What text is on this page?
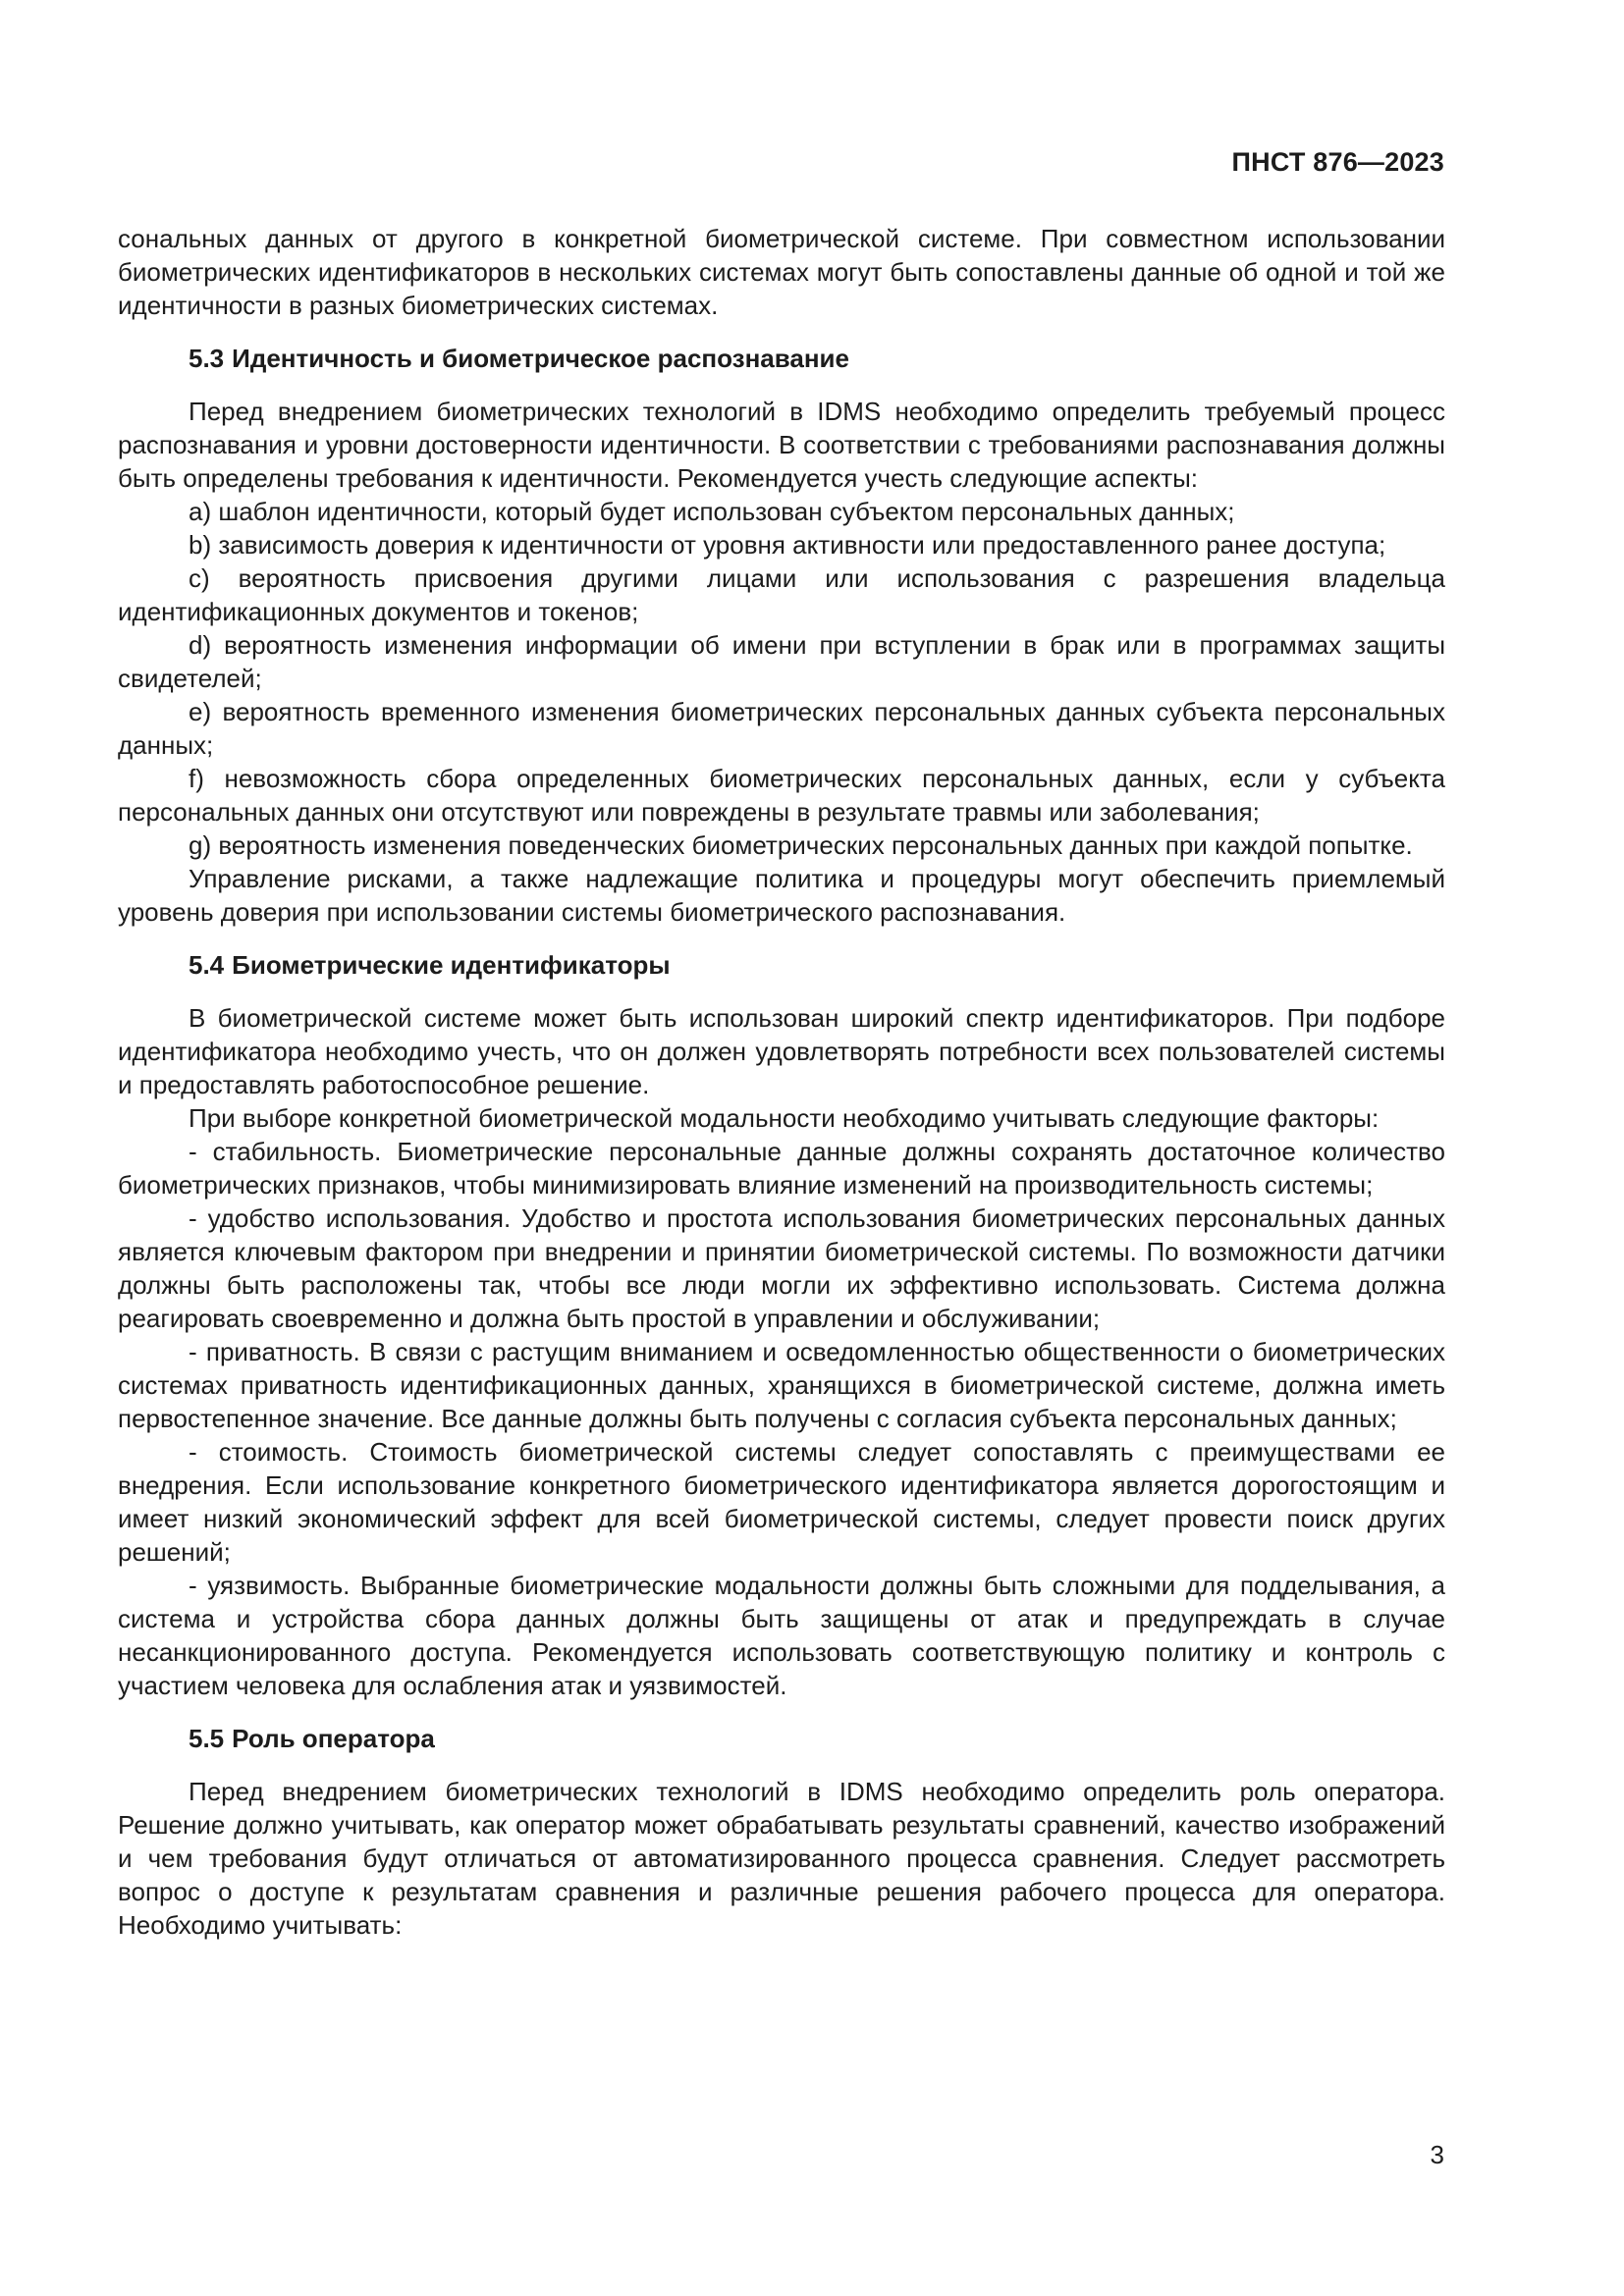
ПНСТ 876—2023

сональных данных от другого в конкретной биометрической системе. При совместном использовании биометрических идентификаторов в нескольких системах могут быть сопоставлены данные об одной и той же идентичности в разных биометрических системах.

5.3 Идентичность и биометрическое распознавание

Перед внедрением биометрических технологий в IDMS необходимо определить требуемый процесс распознавания и уровни достоверности идентичности. В соответствии с требованиями распознавания должны быть определены требования к идентичности. Рекомендуется учесть следующие аспекты:

a) шаблон идентичности, который будет использован субъектом персональных данных;

b) зависимость доверия к идентичности от уровня активности или предоставленного ранее доступа;

c) вероятность присвоения другими лицами или использования с разрешения владельца идентификационных документов и токенов;

d) вероятность изменения информации об имени при вступлении в брак или в программах защиты свидетелей;

e) вероятность временного изменения биометрических персональных данных субъекта персональных данных;

f) невозможность сбора определенных биометрических персональных данных, если у субъекта персональных данных они отсутствуют или повреждены в результате травмы или заболевания;

g) вероятность изменения поведенческих биометрических персональных данных при каждой попытке.

Управление рисками, а также надлежащие политика и процедуры могут обеспечить приемлемый уровень доверия при использовании системы биометрического распознавания.

5.4 Биометрические идентификаторы

В биометрической системе может быть использован широкий спектр идентификаторов. При подборе идентификатора необходимо учесть, что он должен удовлетворять потребности всех пользователей системы и предоставлять работоспособное решение.

При выборе конкретной биометрической модальности необходимо учитывать следующие факторы:

- стабильность. Биометрические персональные данные должны сохранять достаточное количество биометрических признаков, чтобы минимизировать влияние изменений на производительность системы;

- удобство использования. Удобство и простота использования биометрических персональных данных является ключевым фактором при внедрении и принятии биометрической системы. По возможности датчики должны быть расположены так, чтобы все люди могли их эффективно использовать. Система должна реагировать своевременно и должна быть простой в управлении и обслуживании;

- приватность. В связи с растущим вниманием и осведомленностью общественности о биометрических системах приватность идентификационных данных, хранящихся в биометрической системе, должна иметь первостепенное значение. Все данные должны быть получены с согласия субъекта персональных данных;

- стоимость. Стоимость биометрической системы следует сопоставлять с преимуществами ее внедрения. Если использование конкретного биометрического идентификатора является дорогостоящим и имеет низкий экономический эффект для всей биометрической системы, следует провести поиск других решений;

- уязвимость. Выбранные биометрические модальности должны быть сложными для подделывания, а система и устройства сбора данных должны быть защищены от атак и предупреждать в случае несанкционированного доступа. Рекомендуется использовать соответствующую политику и контроль с участием человека для ослабления атак и уязвимостей.

5.5 Роль оператора

Перед внедрением биометрических технологий в IDMS необходимо определить роль оператора. Решение должно учитывать, как оператор может обрабатывать результаты сравнений, качество изображений и чем требования будут отличаться от автоматизированного процесса сравнения. Следует рассмотреть вопрос о доступе к результатам сравнения и различные решения рабочего процесса для оператора. Необходимо учитывать:

3
